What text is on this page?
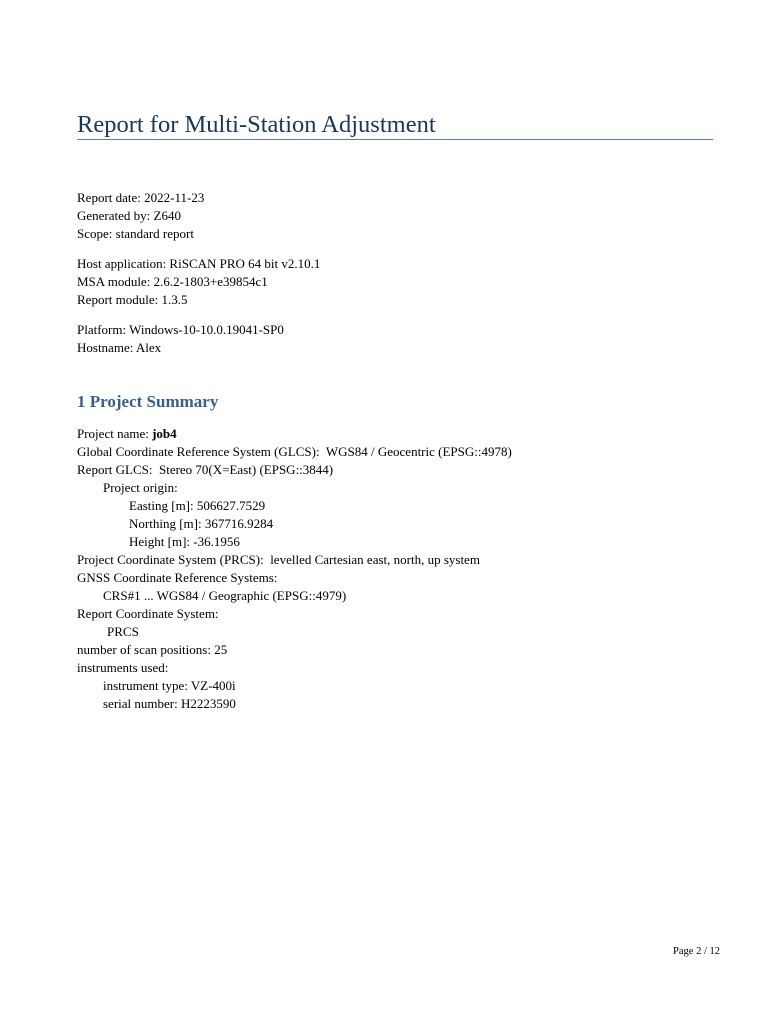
Report for Multi-Station Adjustment
Report date: 2022-11-23
Generated by: Z640
Scope: standard report
Host application: RiSCAN PRO 64 bit v2.10.1
MSA module: 2.6.2-1803+e39854c1
Report module: 1.3.5
Platform: Windows-10-10.0.19041-SP0
Hostname: Alex
1 Project Summary
Project name: job4
Global Coordinate Reference System (GLCS):  WGS84 / Geocentric (EPSG::4978)
Report GLCS:  Stereo 70(X=East) (EPSG::3844)
Project origin:
Easting [m]: 506627.7529
Northing [m]: 367716.9284
Height [m]: -36.1956
Project Coordinate System (PRCS):  levelled Cartesian east, north, up system
GNSS Coordinate Reference Systems:
CRS#1 ... WGS84 / Geographic (EPSG::4979)
Report Coordinate System:
PRCS
number of scan positions: 25
instruments used:
instrument type: VZ-400i
serial number: H2223590
Page 2 / 12
